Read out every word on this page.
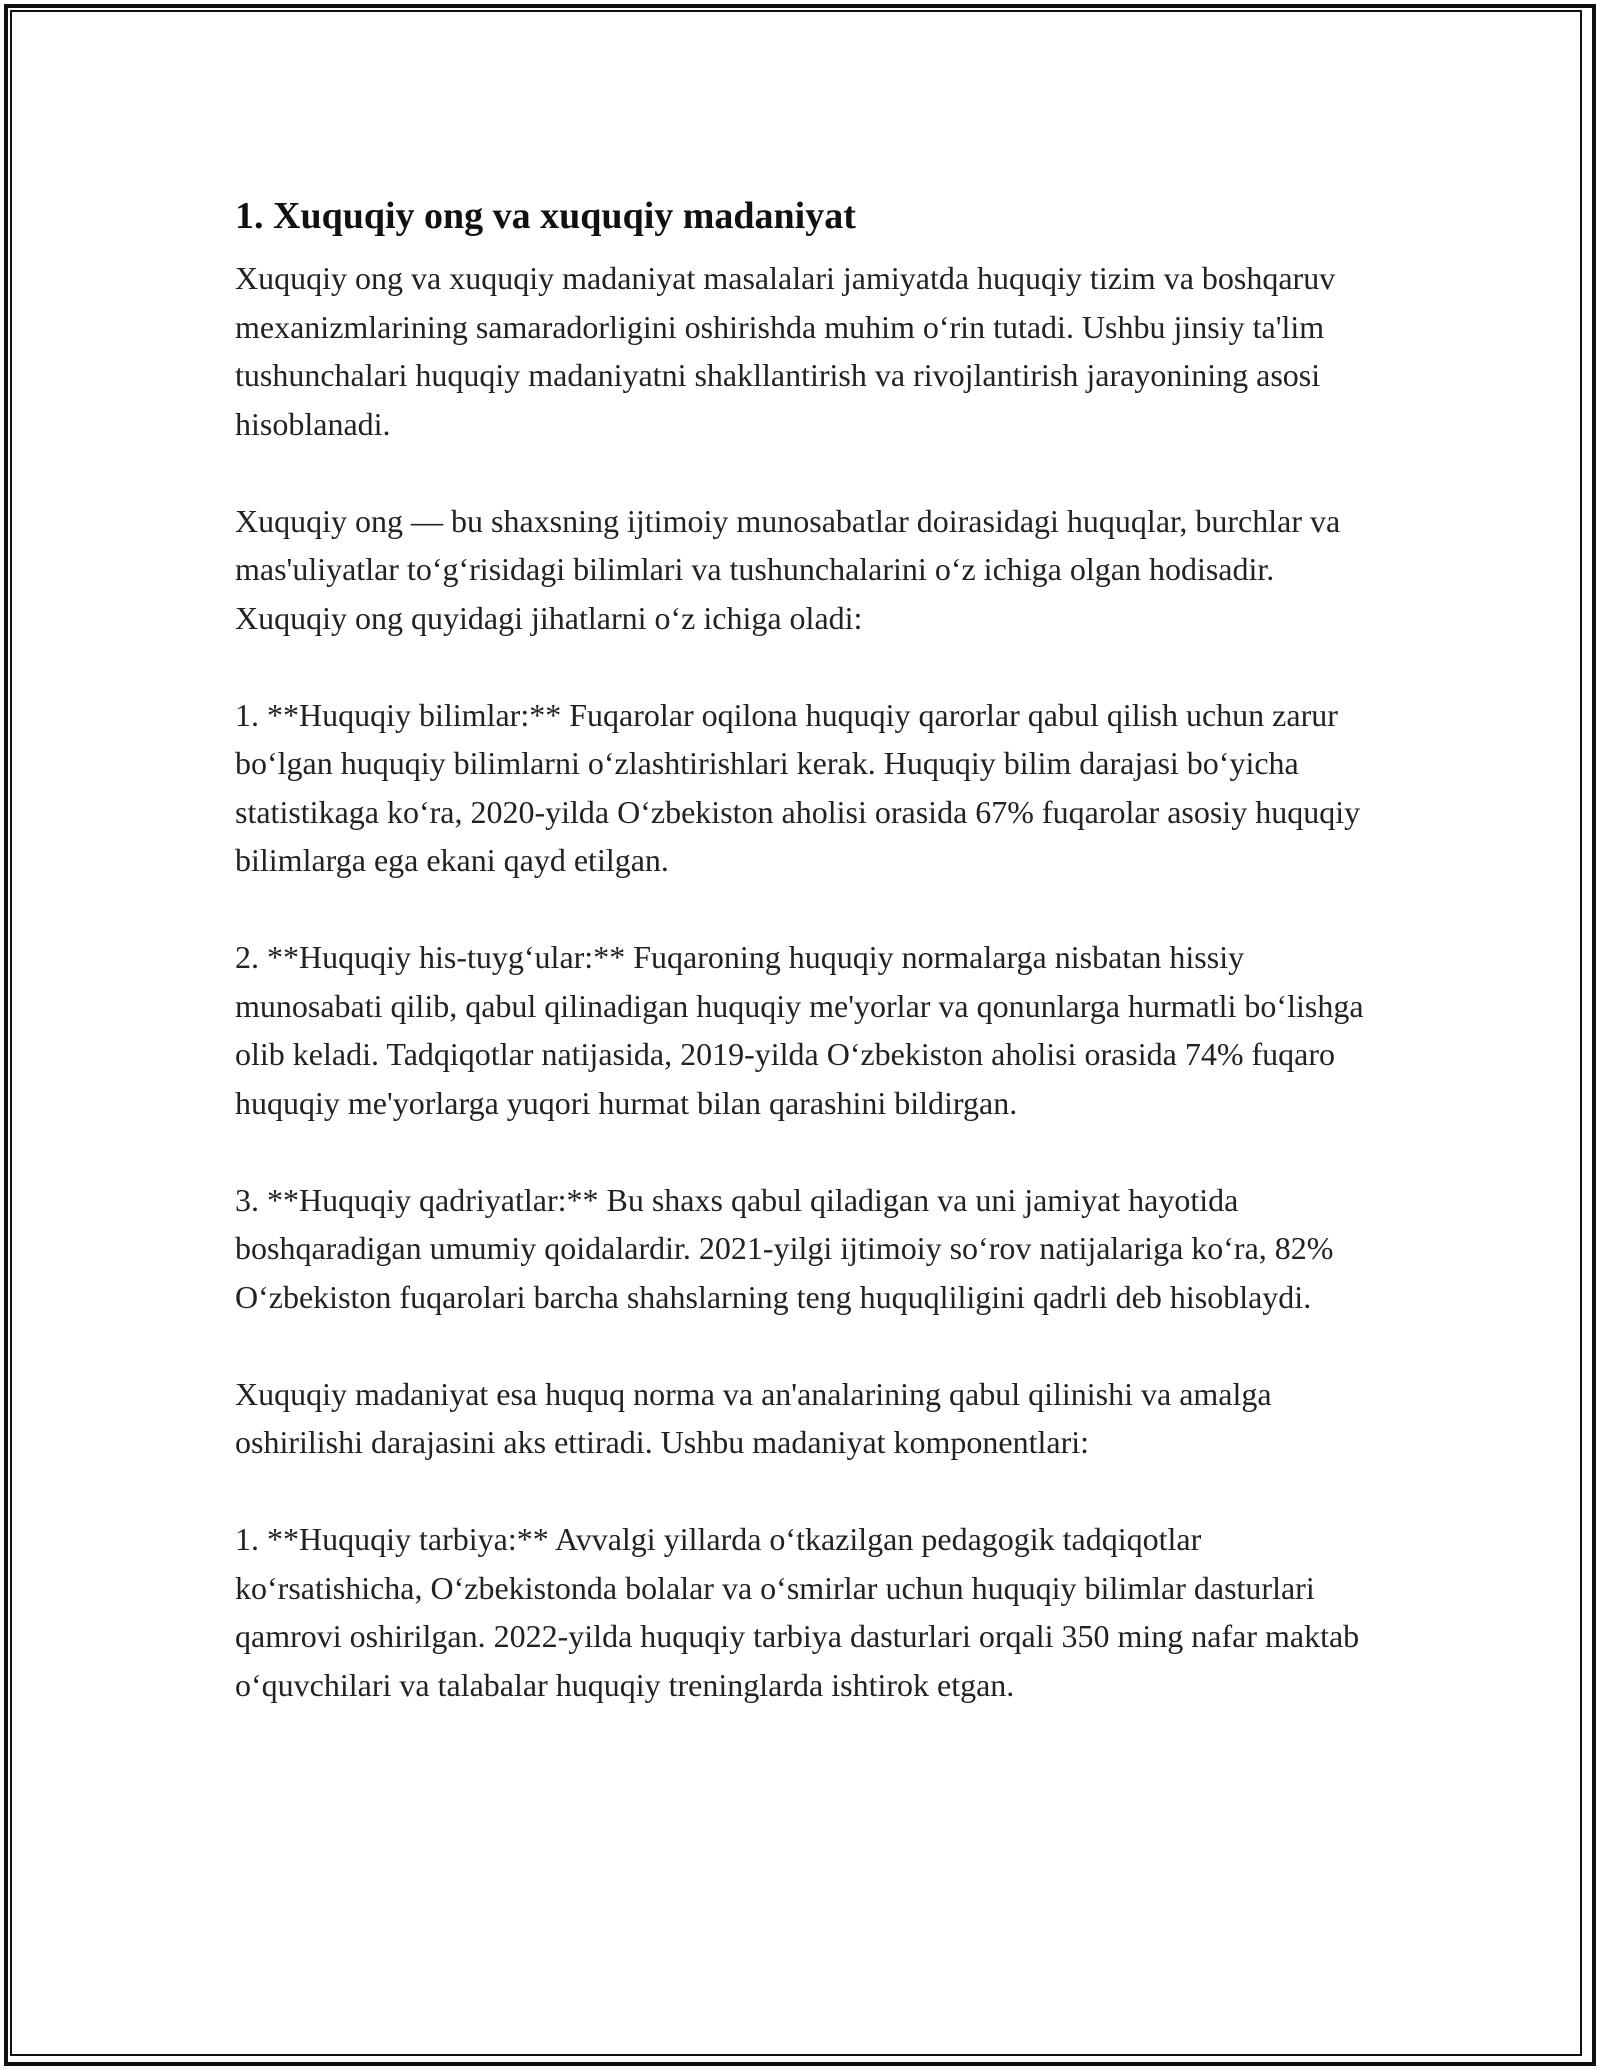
1. Xuquqiy ong va xuquqiy madaniyat

Xuquqiy ong va xuquqiy madaniyat masalalari jamiyatda huquqiy tizim va boshqaruv mexanizmlarining samaradorligini oshirishda muhim oʻrin tutadi. Ushbu jinsiy ta'lim tushunchalari huquqiy madaniyatni shakllantirish va rivojlantirish jarayonining asosi hisoblanadi.

Xuquqiy ong — bu shaxsning ijtimoiy munosabatlar doirasidagi huquqlar, burchlar va mas'uliyatlar toʻgʻrisidagi bilimlari va tushunchalarini oʻz ichiga olgan hodisadir. Xuquqiy ong quyidagi jihatlarni oʻz ichiga oladi:

1. **Huquqiy bilimlar:** Fuqarolar oqilona huquqiy qarorlar qabul qilish uchun zarur boʻlgan huquqiy bilimlarni oʻzlashtirishlari kerak. Huquqiy bilim darajasi boʻyicha statistikaga koʻra, 2020-yilda Oʻzbekiston aholisi orasida 67% fuqarolar asosiy huquqiy bilimlarga ega ekani qayd etilgan.

2. **Huquqiy his-tuygʻular:** Fuqaroning huquqiy normalarga nisbatan hissiy munosabati qilib, qabul qilinadigan huquqiy me'yorlar va qonunlarga hurmatli boʻlishga olib keladi. Tadqiqotlar natijasida, 2019-yilda Oʻzbekiston aholisi orasida 74% fuqaro huquqiy me'yorlarga yuqori hurmat bilan qarashini bildirgan.

3. **Huquqiy qadriyatlar:** Bu shaxs qabul qiladigan va uni jamiyat hayotida boshqaradigan umumiy qoidalardir. 2021-yilgi ijtimoiy soʻrov natijalariga koʻra, 82% Oʻzbekiston fuqarolari barcha shahslarning teng huquqliligini qadrli deb hisoblaydi.

Xuquqiy madaniyat esa huquq norma va an'analarining qabul qilinishi va amalga oshirilishi darajasini aks ettiradi. Ushbu madaniyat komponentlari:

1. **Huquqiy tarbiya:** Avvalgi yillarda oʻtkazilgan pedagogik tadqiqotlar koʻrsatishicha, Oʻzbekistonda bolalar va oʻsmirlar uchun huquqiy bilimlar dasturlari qamrovi oshirilgan. 2022-yilda huquqiy tarbiya dasturlari orqali 350 ming nafar maktab oʻquvchilari va talabalar huquqiy treninglarda ishtirok etgan.
